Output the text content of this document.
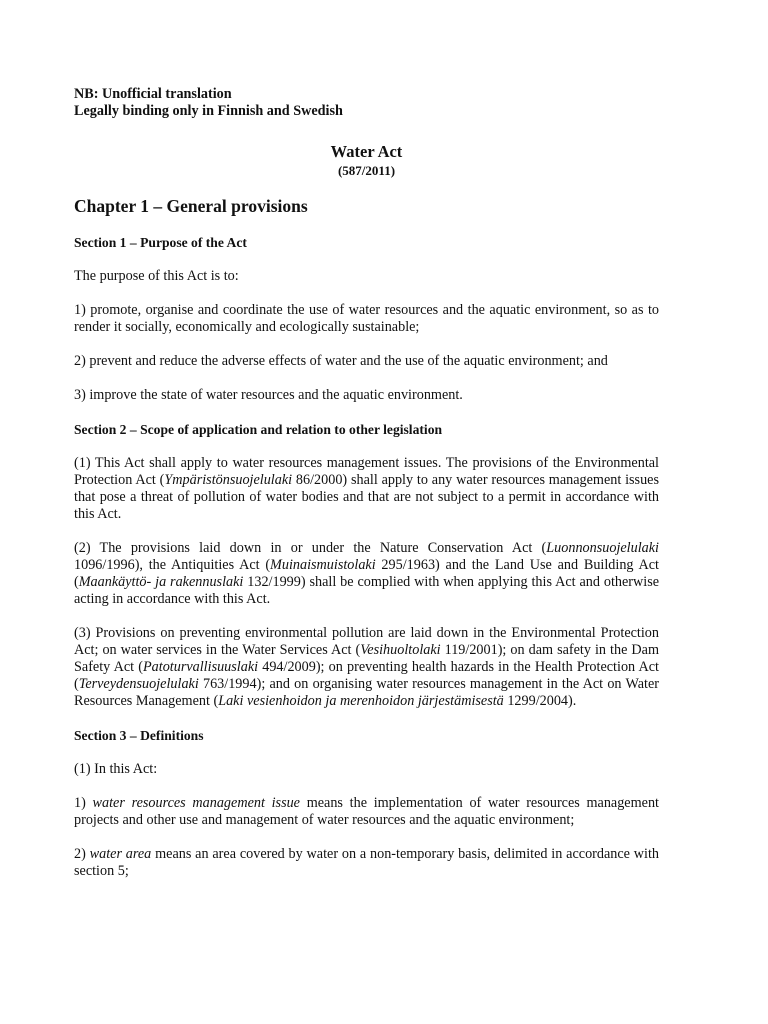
NB: Unofficial translation

Legally binding only in Finnish and Swedish

Water Act

(587/2011)

Chapter 1 – General provisions

Section 1 – Purpose of the Act

The purpose of this Act is to:

1) promote, organise and coordinate the use of water resources and the aquatic environment, so as to render it socially, economically and ecologically sustainable;

2) prevent and reduce the adverse effects of water and the use of the aquatic environment; and

3) improve the state of water resources and the aquatic environment.

Section 2 – Scope of application and relation to other legislation

(1) This Act shall apply to water resources management issues. The provisions of the Environmental Protection Act (Ympäristönsuojelulaki 86/2000) shall apply to any water resources management issues that pose a threat of pollution of water bodies and that are not subject to a permit in accordance with this Act.

(2) The provisions laid down in or under the Nature Conservation Act (Luonnonsuojelulaki 1096/1996), the Antiquities Act (Muinaismuistolaki 295/1963) and the Land Use and Building Act (Maankäyttö- ja rakennuslaki 132/1999) shall be complied with when applying this Act and otherwise acting in accordance with this Act.

(3) Provisions on preventing environmental pollution are laid down in the Environmental Protection Act; on water services in the Water Services Act (Vesihuoltolaki 119/2001); on dam safety in the Dam Safety Act (Patoturvallisuuslaki 494/2009); on preventing health hazards in the Health Protection Act (Terveydensuojelulaki 763/1994); and on organising water resources management in the Act on Water Resources Management (Laki vesienhoidon ja merenhoidon järjestämisestä 1299/2004).

Section 3 – Definitions

(1) In this Act:

1) water resources management issue means the implementation of water resources management projects and other use and management of water resources and the aquatic environment;

2) water area means an area covered by water on a non-temporary basis, delimited in accordance with section 5;
